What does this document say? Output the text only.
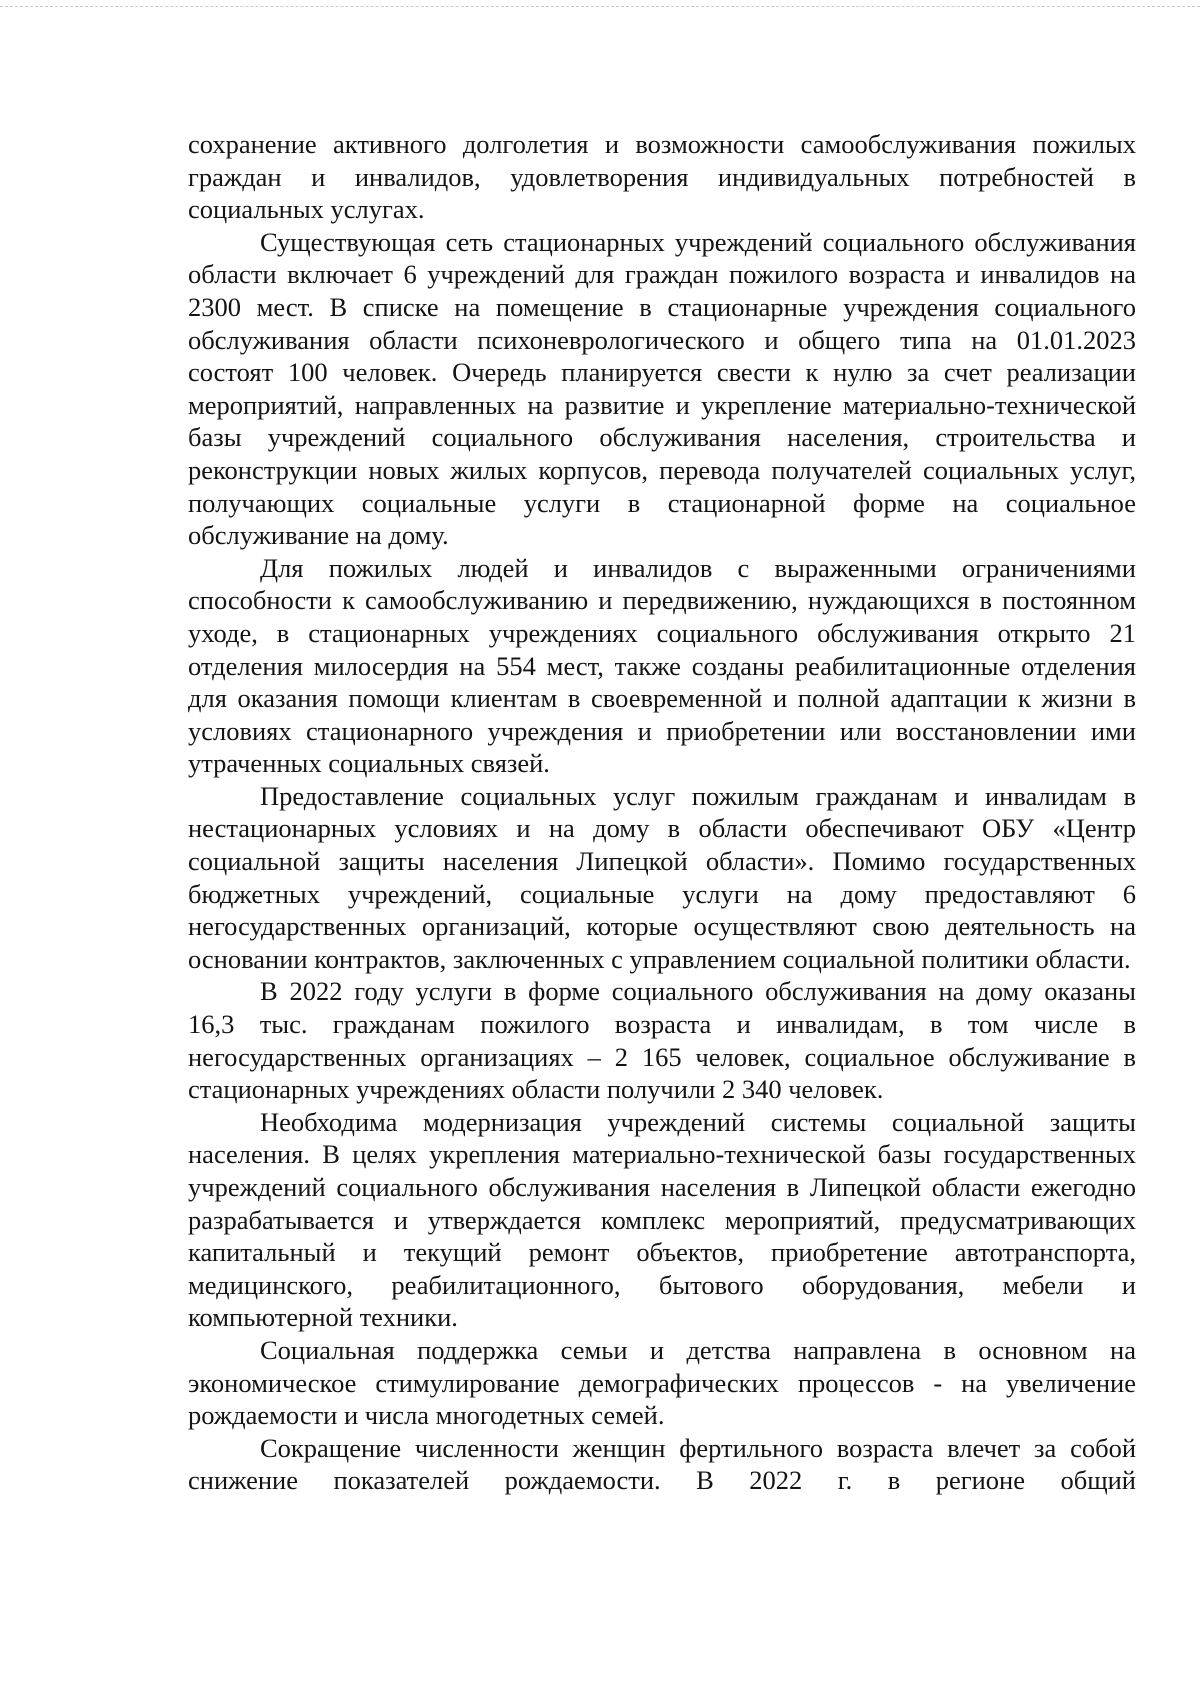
сохранение активного долголетия и возможности самообслуживания пожилых граждан и инвалидов, удовлетворения индивидуальных потребностей в социальных услугах.

Существующая сеть стационарных учреждений социального обслуживания области включает 6 учреждений для граждан пожилого возраста и инвалидов на 2300 мест. В списке на помещение в стационарные учреждения социального обслуживания области психоневрологического и общего типа на 01.01.2023 состоят 100 человек. Очередь планируется свести к нулю за счет реализации мероприятий, направленных на развитие и укрепление материально-технической базы учреждений социального обслуживания населения, строительства и реконструкции новых жилых корпусов, перевода получателей социальных услуг, получающих социальные услуги в стационарной форме на социальное обслуживание на дому.

Для пожилых людей и инвалидов с выраженными ограничениями способности к самообслуживанию и передвижению, нуждающихся в постоянном уходе, в стационарных учреждениях социального обслуживания открыто 21 отделения милосердия на 554 мест, также созданы реабилитационные отделения для оказания помощи клиентам в своевременной и полной адаптации к жизни в условиях стационарного учреждения и приобретении или восстановлении ими утраченных социальных связей.

Предоставление социальных услуг пожилым гражданам и инвалидам в нестационарных условиях и на дому в области обеспечивают ОБУ «Центр социальной защиты населения Липецкой области». Помимо государственных бюджетных учреждений, социальные услуги на дому предоставляют 6 негосударственных организаций, которые осуществляют свою деятельность на основании контрактов, заключенных с управлением социальной политики области.

В 2022 году услуги в форме социального обслуживания на дому оказаны 16,3 тыс. гражданам пожилого возраста и инвалидам, в том числе в негосударственных организациях – 2 165 человек, социальное обслуживание в стационарных учреждениях области получили 2 340 человек.

Необходима модернизация учреждений системы социальной защиты населения. В целях укрепления материально-технической базы государственных учреждений социального обслуживания населения в Липецкой области ежегодно разрабатывается и утверждается комплекс мероприятий, предусматривающих капитальный и текущий ремонт объектов, приобретение автотранспорта, медицинского, реабилитационного, бытового оборудования, мебели и компьютерной техники.

Социальная поддержка семьи и детства направлена в основном на экономическое стимулирование демографических процессов - на увеличение рождаемости и числа многодетных семей.

Сокращение численности женщин фертильного возраста влечет за собой снижение показателей рождаемости. В 2022 г. в регионе общий
